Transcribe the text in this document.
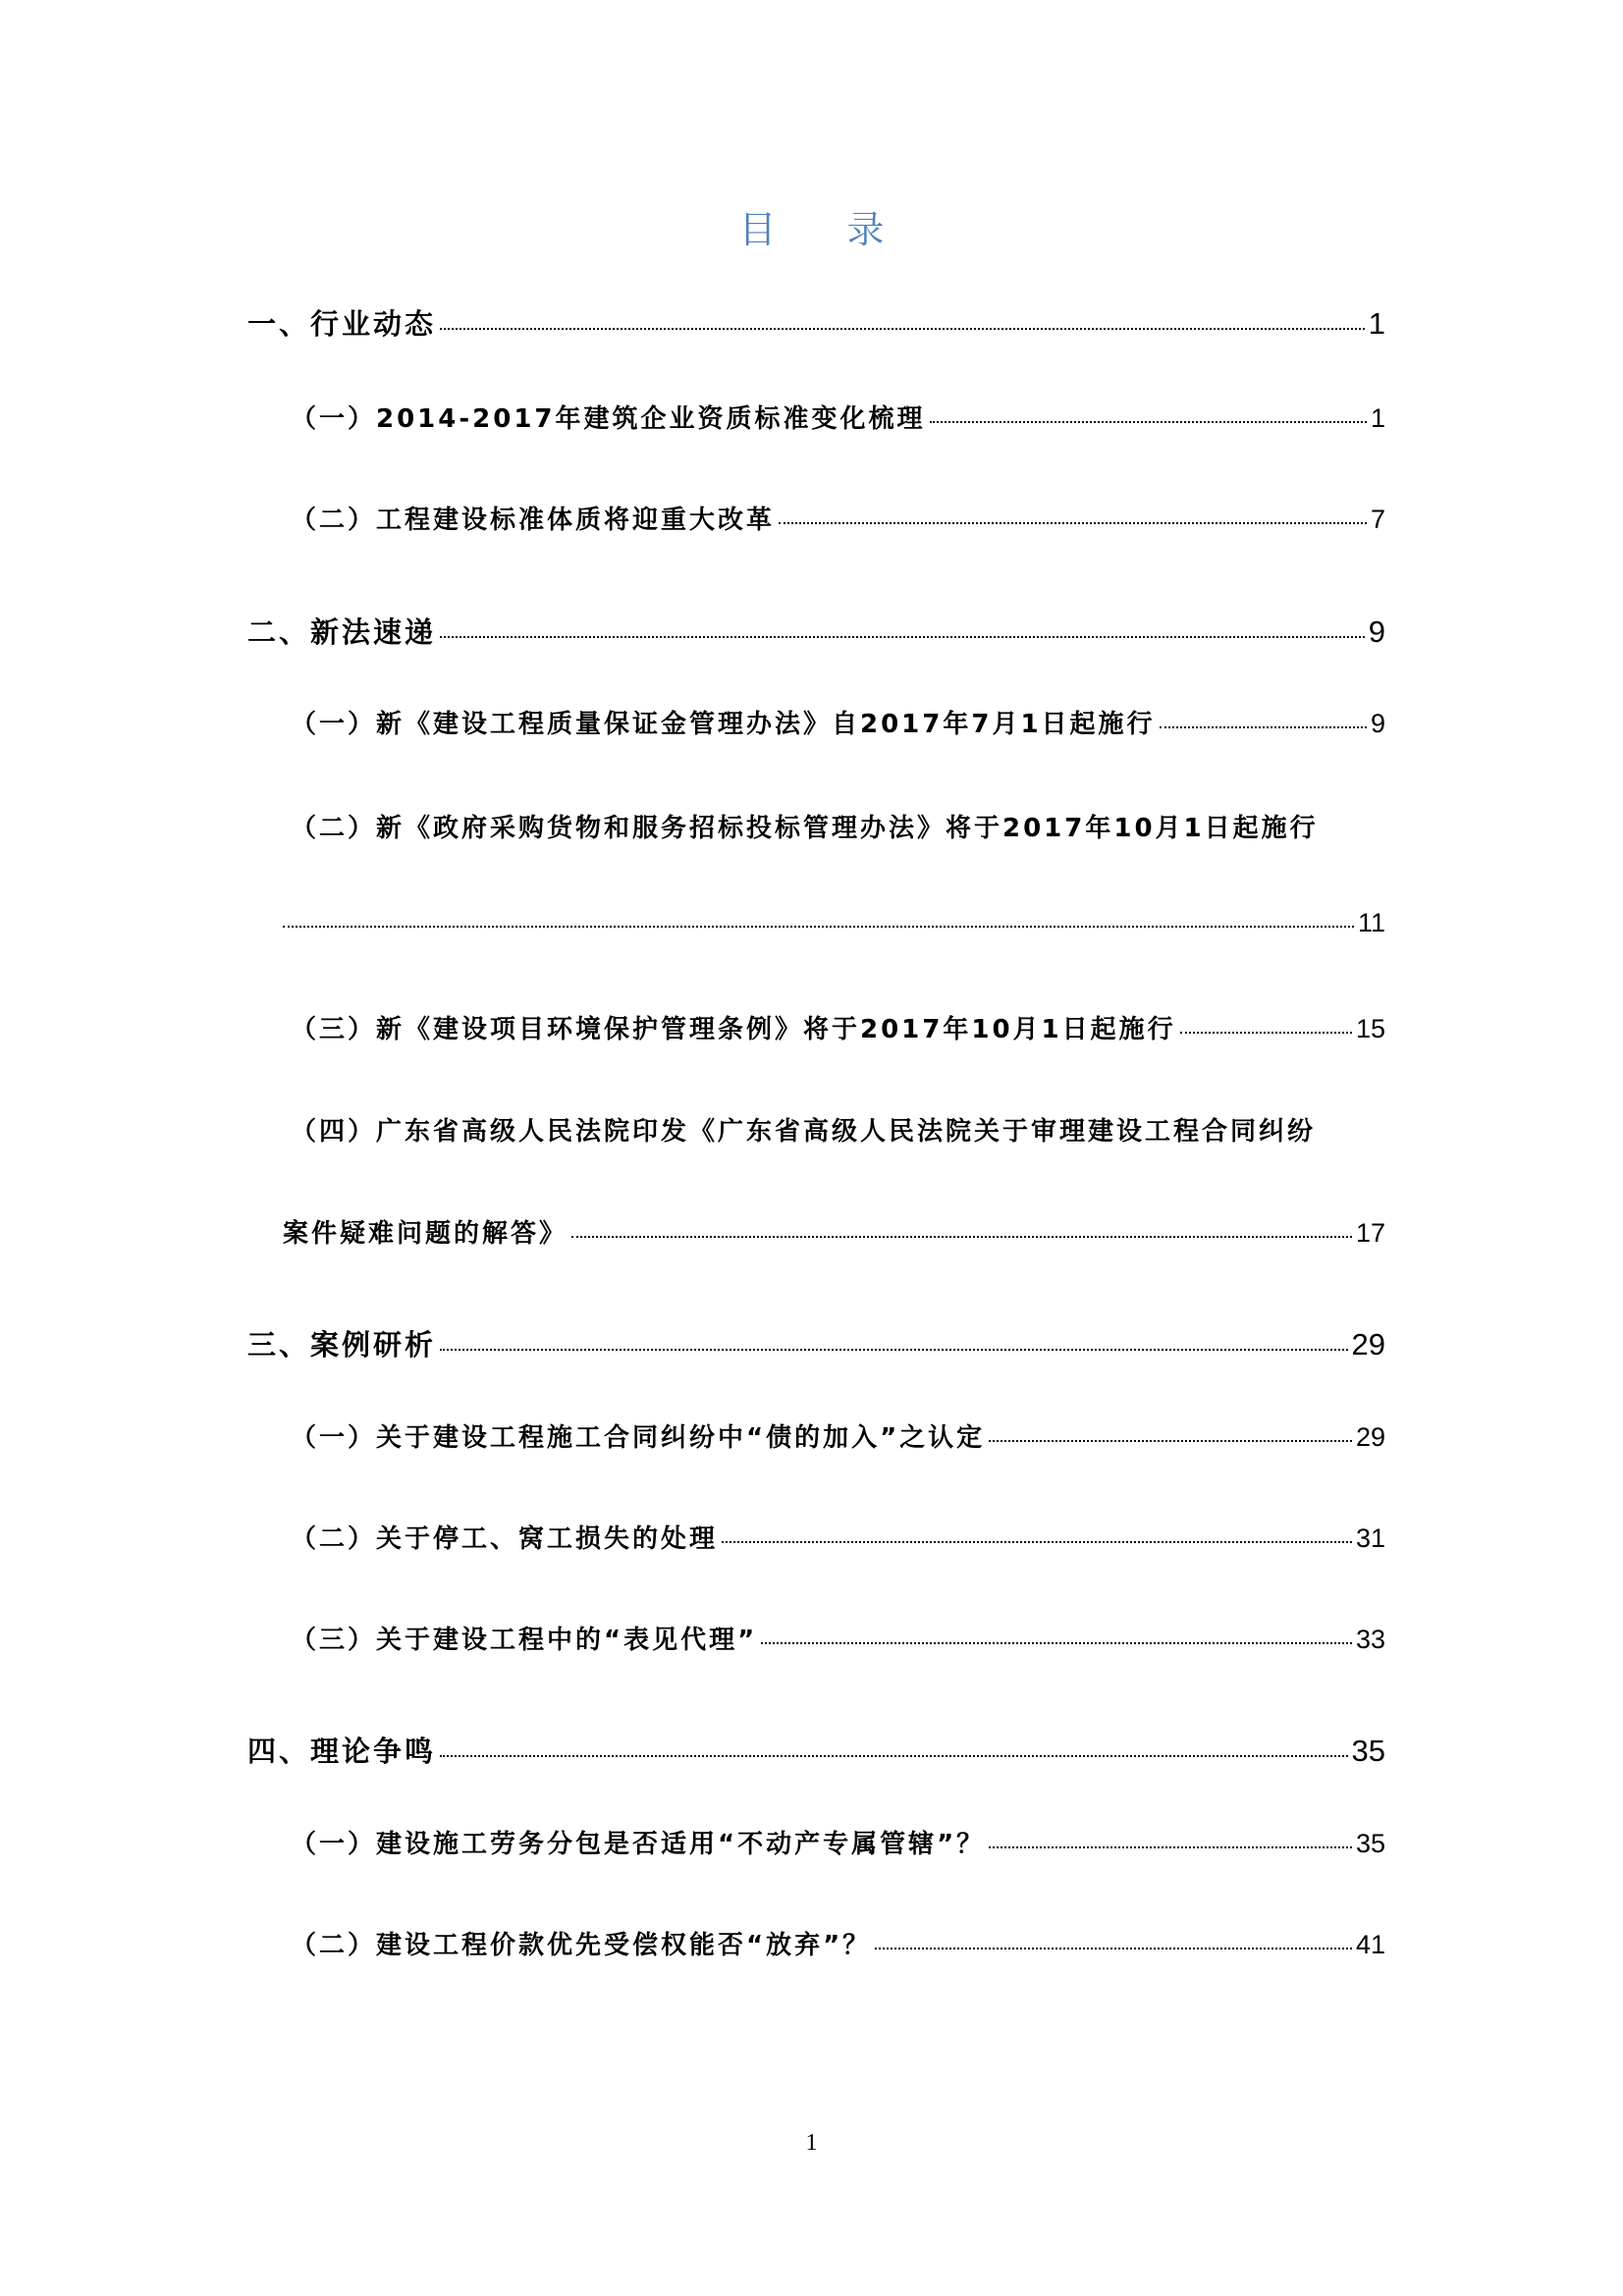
目 录
一、行业动态	1
（一）2014-2017年建筑企业资质标准变化梳理	1
（二）工程建设标准体质将迎重大改革	7
二、新法速递	9
（一）新《建设工程质量保证金管理办法》自2017年7月1日起施行	9
（二）新《政府采购货物和服务招标投标管理办法》将于2017年10月1日起施行
11
（三）新《建设项目环境保护管理条例》将于2017年10月1日起施行	15
（四）广东省高级人民法院印发《广东省高级人民法院关于审理建设工程合同纠纷
案件疑难问题的解答》	17
三、案例研析	29
（一）关于建设工程施工合同纠纷中“债的加入”之认定	29
（二）关于停工、窝工损失的处理	31
（三）关于建设工程中的“表见代理”	33
四、理论争鸣	35
（一）建设施工劳务分包是否适用“不动产专属管辖”？	35
（二）建设工程价款优先受偿权能否“放弃”？	41
1
